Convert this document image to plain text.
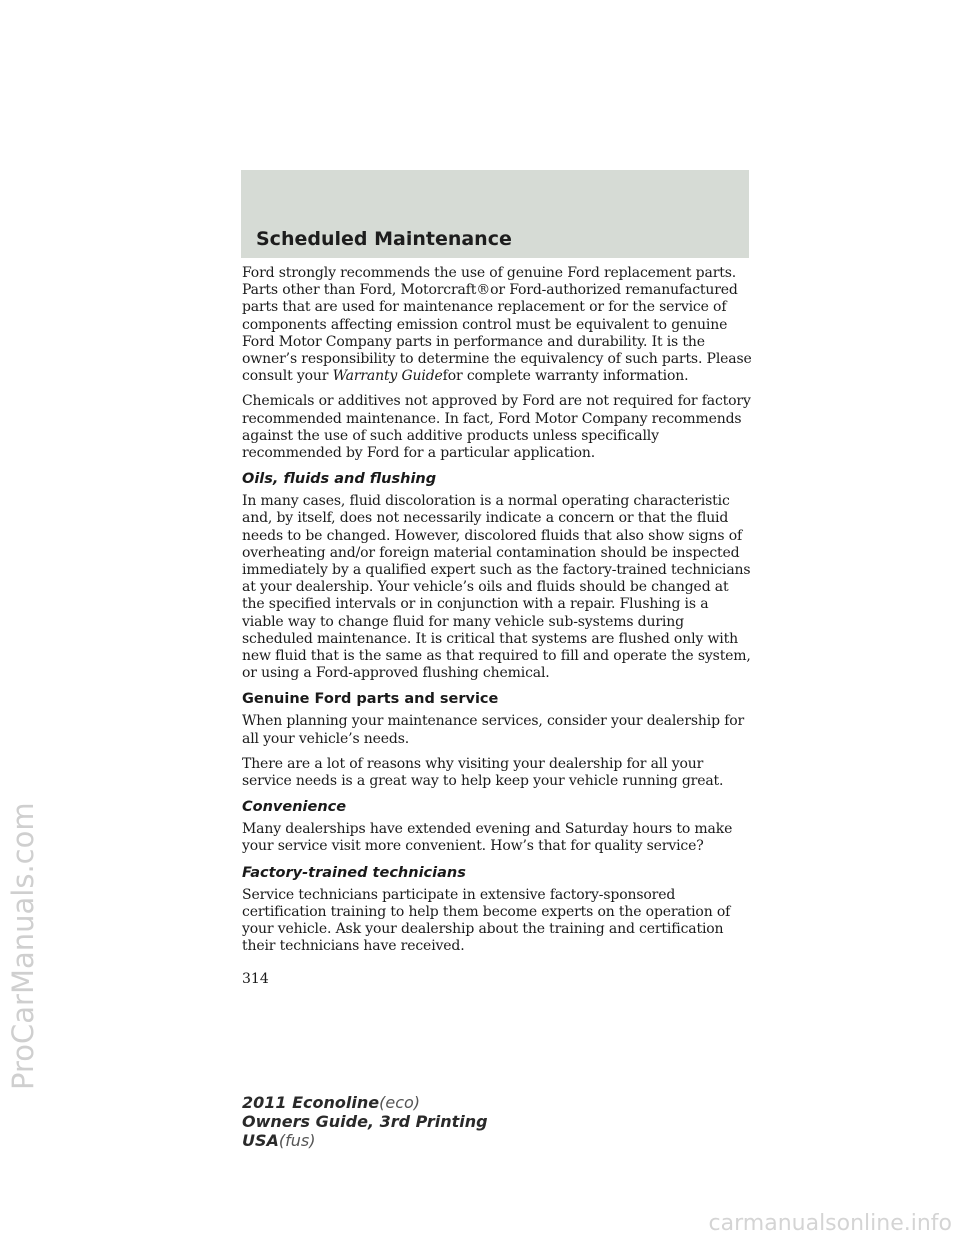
Scheduled Maintenance

Ford strongly recommends the use of genuine Ford replacement parts. Parts other than Ford, Motorcraft®or Ford-authorized remanufactured parts that are used for maintenance replacement or for the service of components affecting emission control must be equivalent to genuine Ford Motor Company parts in performance and durability. It is the owner’s responsibility to determine the equivalency of such parts. Please consult your Warranty Guidefor complete warranty information.

Chemicals or additives not approved by Ford are not required for factory recommended maintenance. In fact, Ford Motor Company recommends against the use of such additive products unless specifically recommended by Ford for a particular application.

Oils, fluids and flushing

In many cases, fluid discoloration is a normal operating characteristic and, by itself, does not necessarily indicate a concern or that the fluid needs to be changed. However, discolored fluids that also show signs of overheating and/or foreign material contamination should be inspected immediately by a qualified expert such as the factory-trained technicians at your dealership. Your vehicle’s oils and fluids should be changed at the specified intervals or in conjunction with a repair. Flushing is a viable way to change fluid for many vehicle sub-systems during scheduled maintenance. It is critical that systems are flushed only with new fluid that is the same as that required to fill and operate the system, or using a Ford-approved flushing chemical.

Genuine Ford parts and service

When planning your maintenance services, consider your dealership for all your vehicle’s needs.

There are a lot of reasons why visiting your dealership for all your service needs is a great way to help keep your vehicle running great.

Convenience

Many dealerships have extended evening and Saturday hours to make your service visit more convenient. How’s that for quality service?

Factory-trained technicians

Service technicians participate in extensive factory-sponsored certification training to help them become experts on the operation of your vehicle. Ask your dealership about the training and certification their technicians have received.

314
2011 Econoline(eco)
Owners Guide, 3rd Printing
USA(fus)
ProCarManuals.com
carmanualsonline.info
